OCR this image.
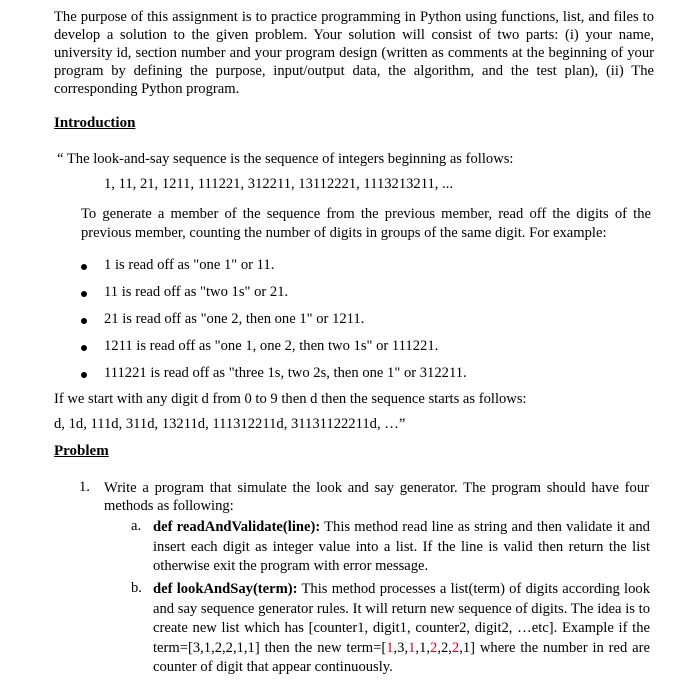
The purpose of this assignment is to practice programming in Python using functions, list, and files to develop a solution to the given problem. Your solution will consist of two parts: (i) your name, university id, section number and your program design (written as comments at the beginning of your program by defining the purpose, input/output data, the algorithm, and the test plan), (ii) The corresponding Python program.

Introduction

“ The look-and-say sequence is the sequence of integers beginning as follows:

1, 11, 21, 1211, 111221, 312211, 13112221, 1113213211, ...

To generate a member of the sequence from the previous member, read off the digits of the previous member, counting the number of digits in groups of the same digit. For example:

1 is read off as "one 1" or 11.
11 is read off as "two 1s" or 21.
21 is read off as "one 2, then one 1" or 1211.
1211 is read off as "one 1, one 2, then two 1s" or 111221.
111221 is read off as "three 1s, two 2s, then one 1" or 312211.

If we start with any digit d from 0 to 9 then d then the sequence starts as follows:

d, 1d, 111d, 311d, 13211d, 111312211d, 31131122211d, …”

Problem

1. Write a program that simulate the look and say generator. The program should have four methods as following:

a. def readAndValidate(line): This method read line as string and then validate it and insert each digit as integer value into a list. If the line is valid then return the list otherwise exit the program with error message.

b. def lookAndSay(term): This method processes a list(term) of digits according look and say sequence generator rules. It will return new sequence of digits. The idea is to create new list which has [counter1, digit1, counter2, digit2, …etc]. Example if the term=[3,1,2,2,1,1] then the new term=[1,3,1,1,2,2,2,1] where the number in red are counter of digit that appear continuously.
